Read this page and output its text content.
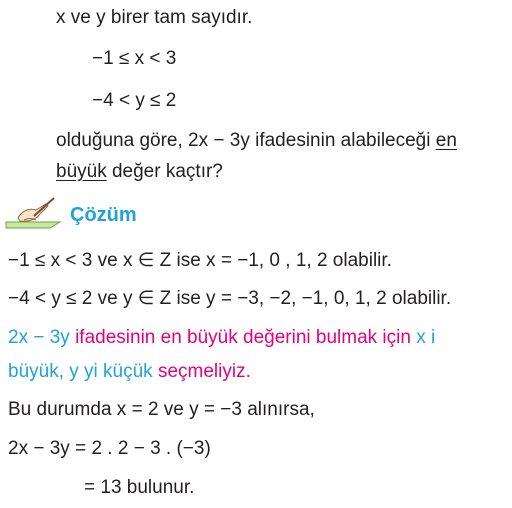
x ve y birer tam sayıdır.
−1 ≤ x < 3
−4 < y ≤ 2
olduğuna göre, 2x − 3y ifadesinin alabileceği en
büyük değer kaçtır?
Çözüm
−1 ≤ x < 3 ve x ∈ Z ise x = −1, 0 , 1, 2 olabilir.
−4 < y ≤ 2 ve y ∈ Z ise y = −3, −2, −1, 0, 1, 2 olabilir.
2x − 3y ifadesinin en büyük değerini bulmak için x i
büyük, y yi küçük seçmeliyiz.
Bu durumda x = 2 ve y = −3 alınırsa,
2x − 3y = 2 . 2 − 3 . (−3)
= 13 bulunur.
